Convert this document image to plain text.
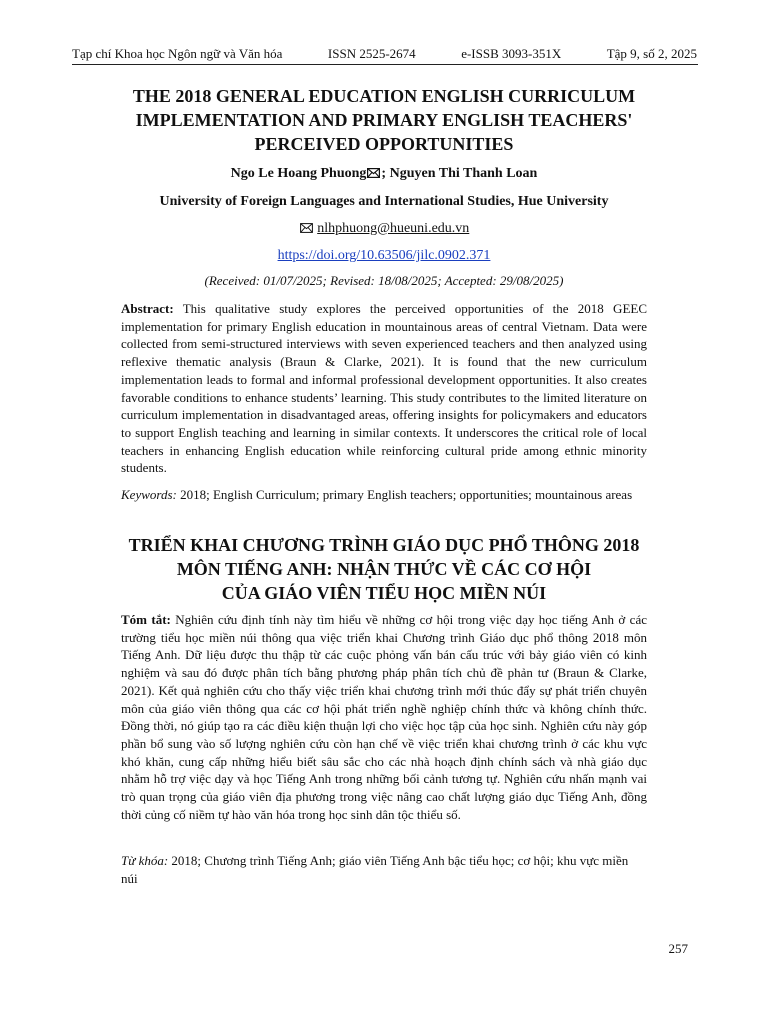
Tạp chí Khoa học Ngôn ngữ và Văn hóa	ISSN 2525-2674	e-ISSB 3093-351X	Tập 9, số 2, 2025
THE 2018 GENERAL EDUCATION ENGLISH CURRICULUM
IMPLEMENTATION AND PRIMARY ENGLISH TEACHERS'
PERCEIVED OPPORTUNITIES
Ngo Le Hoang Phuong ; Nguyen Thi Thanh Loan
University of Foreign Languages and International Studies, Hue University
nlhphuong@hueuni.edu.vn
https://doi.org/10.63506/jilc.0902.371
(Received: 01/07/2025; Revised: 18/08/2025; Accepted: 29/08/2025)

Abstract: This qualitative study explores the perceived opportunities of the 2018 GEEC implementation for primary English education in mountainous areas of central Vietnam. Data were collected from semi-structured interviews with seven experienced teachers and then analyzed using reflexive thematic analysis (Braun & Clarke, 2021). It is found that the new curriculum implementation leads to formal and informal professional development opportunities. It also creates favorable conditions to enhance students’ learning. This study contributes to the limited literature on curriculum implementation in disadvantaged areas, offering insights for policymakers and educators to support English teaching and learning in similar contexts. It underscores the critical role of local teachers in enhancing English education while reinforcing cultural pride among ethnic minority students.

Keywords: 2018; English Curriculum; primary English teachers; opportunities; mountainous areas

TRIỂN KHAI CHƯƠNG TRÌNH GIÁO DỤC PHỔ THÔNG 2018
MÔN TIẾNG ANH: NHẬN THỨC VỀ CÁC CƠ HỘI
CỦA GIÁO VIÊN TIỂU HỌC MIỀN NÚI

Tóm tắt: Nghiên cứu định tính này tìm hiểu về những cơ hội trong việc dạy học tiếng Anh ở các trường tiểu học miền núi thông qua việc triển khai Chương trình Giáo dục phổ thông 2018 môn Tiếng Anh. Dữ liệu được thu thập từ các cuộc phỏng vấn bán cấu trúc với bảy giáo viên có kinh nghiệm và sau đó được phân tích bằng phương pháp phân tích chủ đề phản tư (Braun & Clarke, 2021). Kết quả nghiên cứu cho thấy việc triển khai chương trình mới thúc đẩy sự phát triển chuyên môn của giáo viên thông qua các cơ hội phát triển nghề nghiệp chính thức và không chính thức. Đồng thời, nó giúp tạo ra các điều kiện thuận lợi cho việc học tập của học sinh. Nghiên cứu này góp phần bổ sung vào số lượng nghiên cứu còn hạn chế về việc triển khai chương trình ở các khu vực khó khăn, cung cấp những hiểu biết sâu sắc cho các nhà hoạch định chính sách và nhà giáo dục nhằm hỗ trợ việc dạy và học Tiếng Anh trong những bối cảnh tương tự. Nghiên cứu nhấn mạnh vai trò quan trọng của giáo viên địa phương trong việc nâng cao chất lượng giáo dục Tiếng Anh, đồng thời củng cố niềm tự hào văn hóa trong học sinh dân tộc thiểu số.

Từ khóa: 2018; Chương trình Tiếng Anh; giáo viên Tiếng Anh bậc tiểu học; cơ hội; khu vực miền núi

257
